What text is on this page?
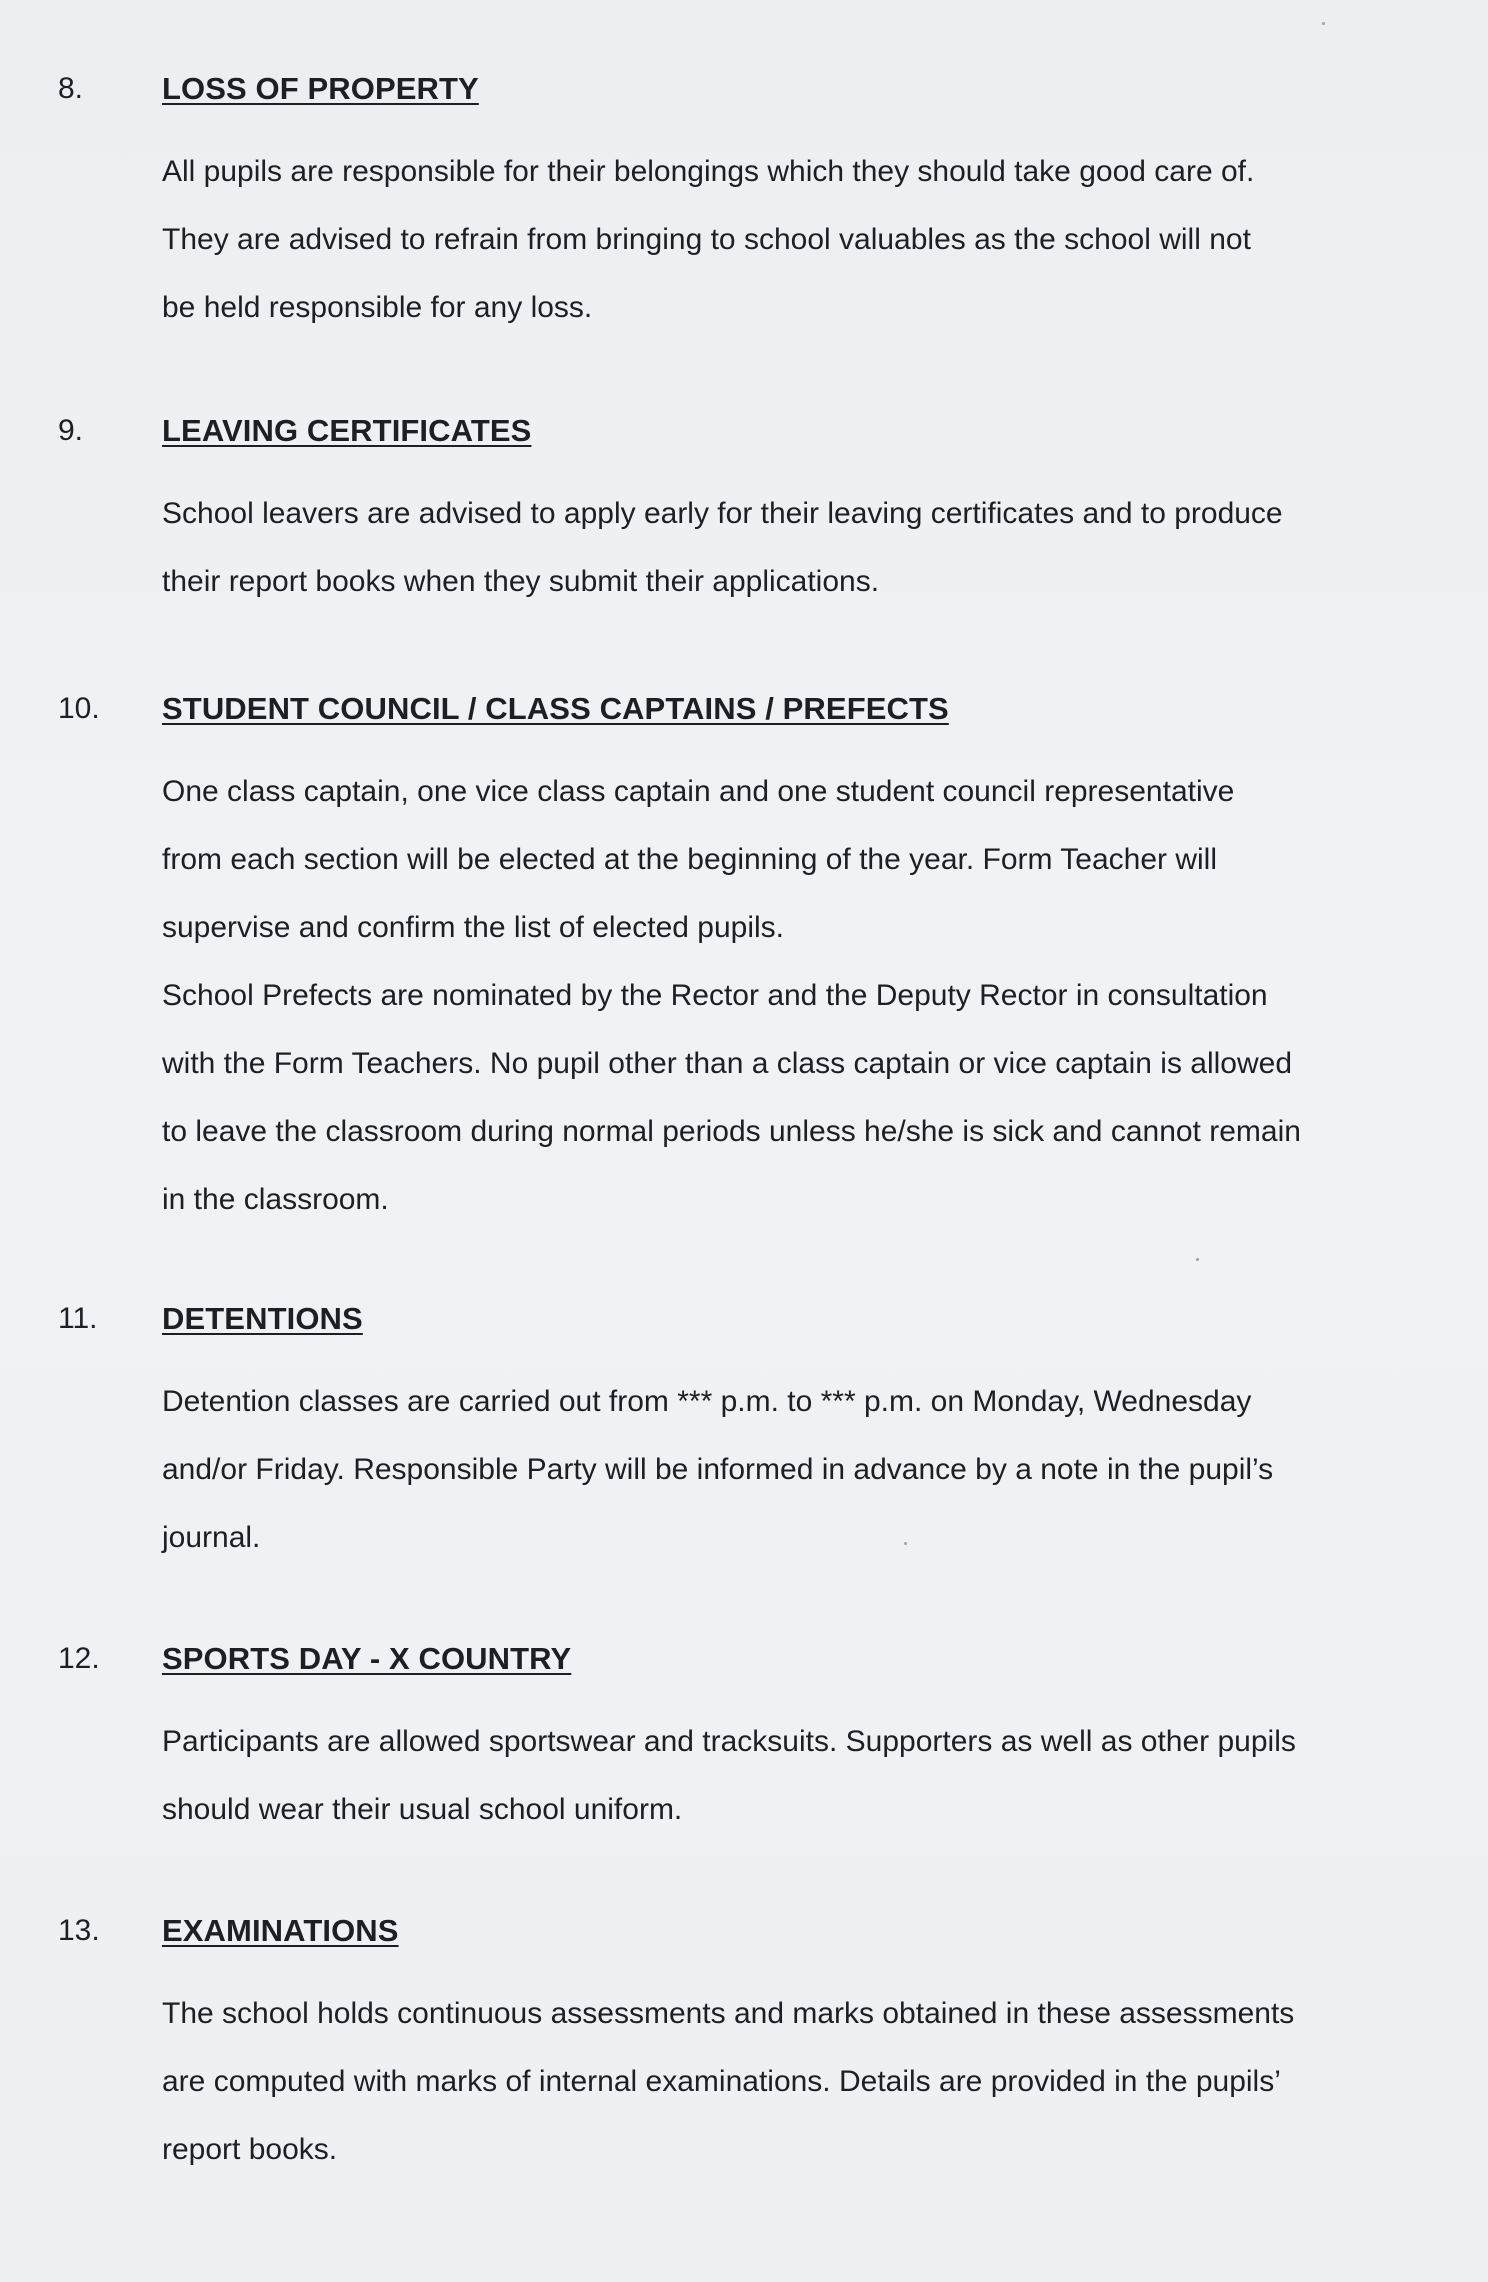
8.	LOSS OF PROPERTY

All pupils are responsible for their belongings which they should take good care of.
They are advised to refrain from bringing to school valuables as the school will not
be held responsible for any loss.

9.	LEAVING CERTIFICATES

School leavers are advised to apply early for their leaving certificates and to produce
their report books when they submit their applications.

10. STUDENT COUNCIL / CLASS CAPTAINS / PREFECTS

One class captain, one vice class captain and one student council representative
from each section will be elected at the beginning of the year. Form Teacher will
supervise and confirm the list of elected pupils.
School Prefects are nominated by the Rector and the Deputy Rector in consultation
with the Form Teachers. No pupil other than a class captain or vice captain is allowed
to leave the classroom during normal periods unless he/she is sick and cannot remain
in the classroom.

11. DETENTIONS

Detention classes are carried out from *** p.m. to *** p.m. on Monday, Wednesday
and/or Friday. Responsible Party will be informed in advance by a note in the pupil’s
journal.

12. SPORTS DAY - X COUNTRY

Participants are allowed sportswear and tracksuits. Supporters as well as other pupils
should wear their usual school uniform.

13. EXAMINATIONS

The school holds continuous assessments and marks obtained in these assessments
are computed with marks of internal examinations. Details are provided in the pupils’
report books.
